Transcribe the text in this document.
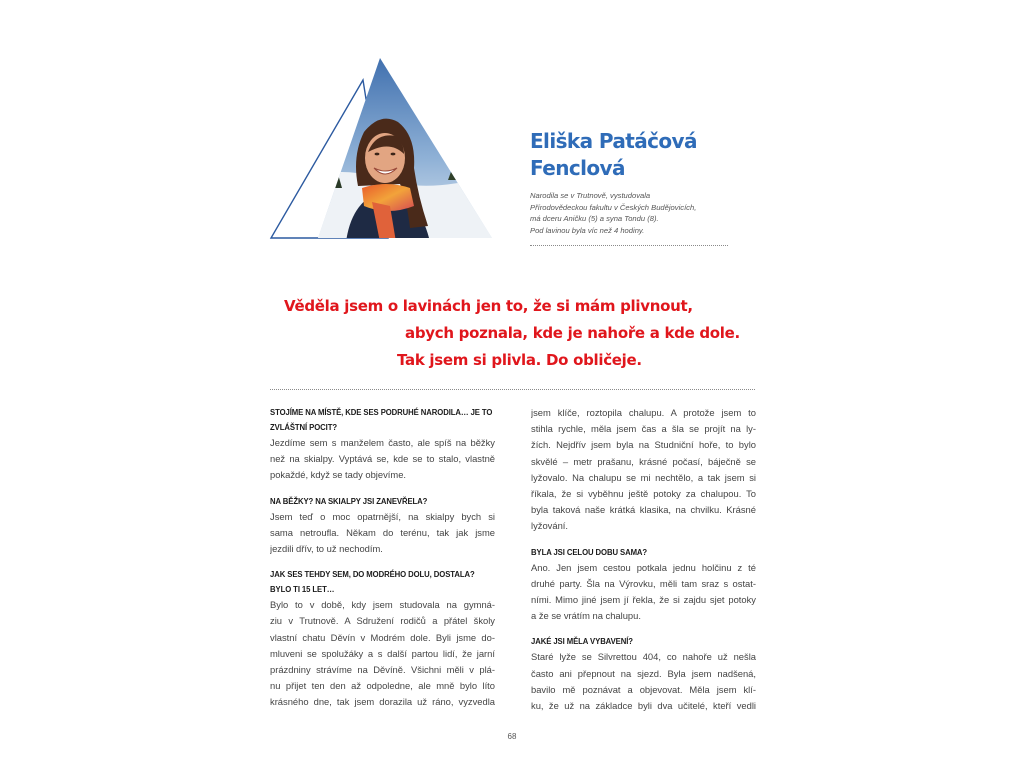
Eliška Patáčová
Fenclová
Narodila se v Trutnově, vystudovala
Přírodovědeckou fakultu v Českých Budějovicích,
má dceru Aničku (5) a syna Tondu (8).
Pod lavinou byla víc než 4 hodiny.
Věděla jsem o lavinách jen to, že si mám plivnout,
abych poznala, kde je nahoře a kde dole.
Tak jsem si plivla. Do obličeje.
STOJÍME NA MÍSTĚ, KDE SES PODRUHÉ NARODILA… JE TO
ZVLÁŠTNÍ POCIT?
Jezdíme sem s manželem často, ale spíš na běžky
než na skialpy. Vyptává se, kde se to stalo, vlastně
pokaždé, když se tady objevíme.
NA BĚŽKY? NA SKIALPY JSI ZANEVŘELA?
Jsem teď o moc opatrnější, na skialpy bych si
sama netroufla. Někam do terénu, tak jak jsme
jezdili dřív, to už nechodím.
JAK SES TEHDY SEM, DO MODRÉHO DOLU, DOSTALA?
BYLO TI 15 LET…
Bylo to v době, kdy jsem studovala na gymná-
ziu v Trutnově. A Sdružení rodičů a přátel školy
vlastní chatu Děvín v Modrém dole. Byli jsme do-
mluveni se spolužáky a s další partou lidí, že jarní
prázdniny strávíme na Děvíně. Všichni měli v plá-
nu přijet ten den až odpoledne, ale mně bylo líto
krásného dne, tak jsem dorazila už ráno, vyzvedla
jsem klíče, roztopila chalupu. A protože jsem to
stihla rychle, měla jsem čas a šla se projít na ly-
žích. Nejdřív jsem byla na Studniční hoře, to bylo
skvělé – metr prašanu, krásné počasí, báječně se
lyžovalo. Na chalupu se mi nechtělo, a tak jsem si
říkala, že si vyběhnu ještě potoky za chalupou. To
byla taková naše krátká klasika, na chvilku. Krásné
lyžování.
BYLA JSI CELOU DOBU SAMA?
Ano. Jen jsem cestou potkala jednu holčinu z té
druhé party. Šla na Výrovku, měli tam sraz s ostat-
ními. Mimo jiné jsem jí řekla, že si zajdu sjet potoky
a že se vrátím na chalupu.
JAKÉ JSI MĚLA VYBAVENÍ?
Staré lyže se Silvrettou 404, co nahoře už nešla
často ani přepnout na sjezd. Byla jsem nadšená,
bavilo mě poznávat a objevovat. Měla jsem klí-
ku, že už na základce byli dva učitelé, kteří vedli
68
